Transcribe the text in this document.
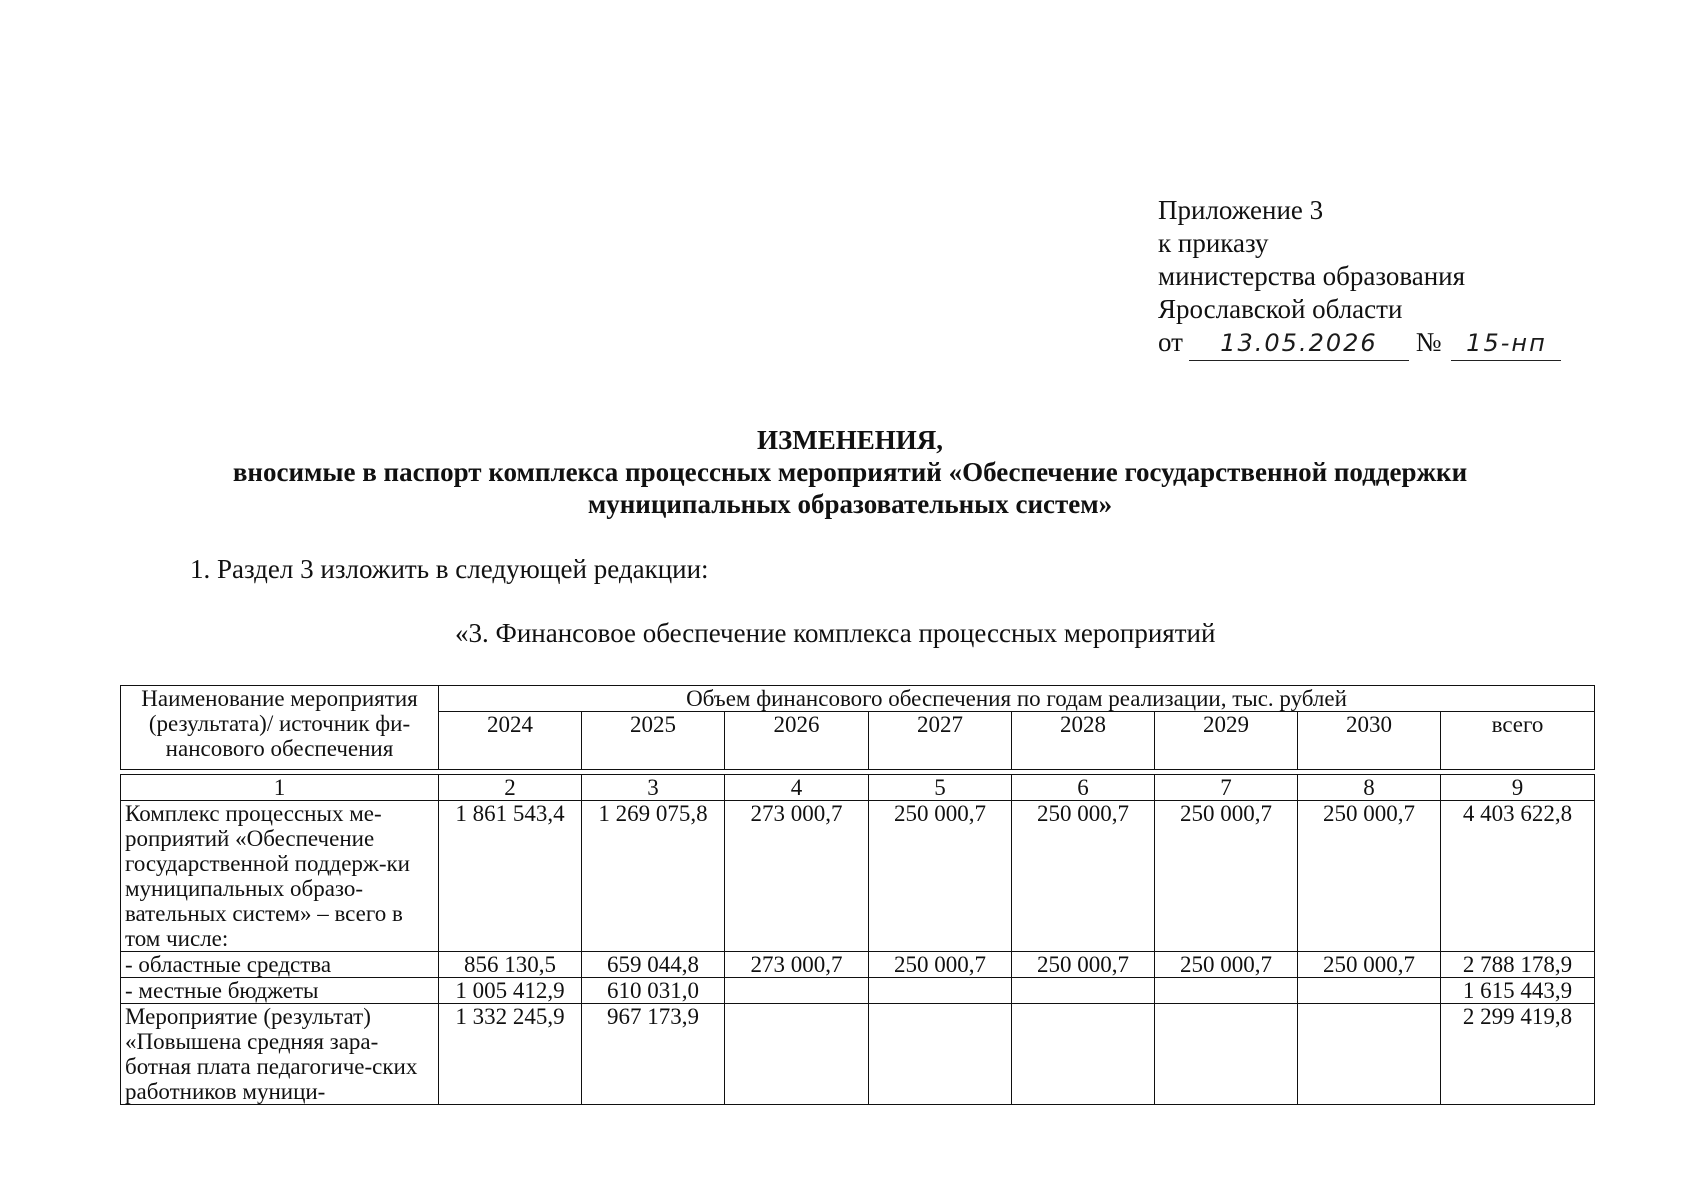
Приложение 3
к приказу
министерства образования
Ярославской области
от 13.05.2026 № 15-нп
ИЗМЕНЕНИЯ,
вносимые в паспорт комплекса процессных мероприятий «Обеспечение государственной поддержки
муниципальных образовательных систем»
1. Раздел 3 изложить в следующей редакции:
«3. Финансовое обеспечение комплекса процессных мероприятий
Наименование мероприятия (результата)/ источник фи-нансового обеспечения	Объем финансового обеспечения по годам реализации, тыс. рублей							
	2024	2025	2026	2027	2028	2029	2030	всего

1	2	3	4	5	6	7	8	9
Комплекс процессных ме-роприятий «Обеспечение государственной поддерж-ки муниципальных образо-вательных систем» – всего в том числе:	1 861 543,4	1 269 075,8	273 000,7	250 000,7	250 000,7	250 000,7	250 000,7	4 403 622,8
- областные средства	856 130,5	659 044,8	273 000,7	250 000,7	250 000,7	250 000,7	250 000,7	2 788 178,9
- местные бюджеты	1 005 412,9	610 031,0						1 615 443,9
Мероприятие (результат) «Повышена средняя зара-ботная плата педагогиче-ских работников муници-	1 332 245,9	967 173,9						2 299 419,8
